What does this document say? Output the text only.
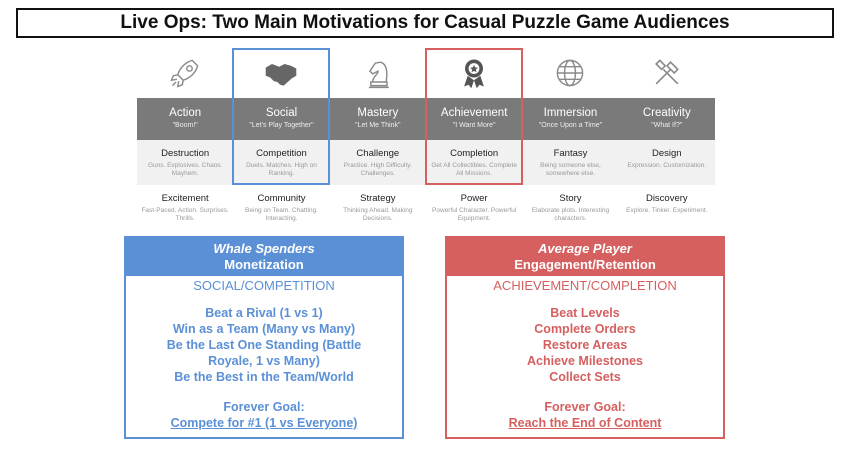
Live Ops: Two Main Motivations for Casual Puzzle Game Audiences
Action
"Boom!"
Social
"Let's Play Together"
Mastery
"Let Me Think"
Achievement
"I Want More"
Immersion
"Once Upon a Time"
Creativity
"What If?"
Destruction
Guns. Explosives. Chaos. Mayhem.
Competition
Duels. Matches. High on Ranking.
Challenge
Practice. High Difficulty. Challenges.
Completion
Get All Collectibles. Complete All Missions.
Fantasy
Being someone else, somewhere else.
Design
Expression. Customization.
Excitement
Fast-Paced. Action. Surprises. Thrills.
Community
Being on Team. Chatting. Interacting.
Strategy
Thinking Ahead. Making Decisions.
Power
Powerful Character. Powerful Equipment.
Story
Elaborate plots. Interesting characters.
Discovery
Explore. Tinker. Experiment.
Whale Spenders
Monetization
SOCIAL/COMPETITION
Beat a Rival (1 vs 1)
Win as a Team (Many vs Many)
Be the Last One Standing (Battle
Royale, 1 vs Many)
Be the Best in the Team/World
Forever Goal:
Compete for #1 (1 vs Everyone)
Average Player
Engagement/Retention
ACHIEVEMENT/COMPLETION
Beat Levels
Complete Orders
Restore Areas
Achieve Milestones
Collect Sets
Forever Goal:
Reach the End of Content
